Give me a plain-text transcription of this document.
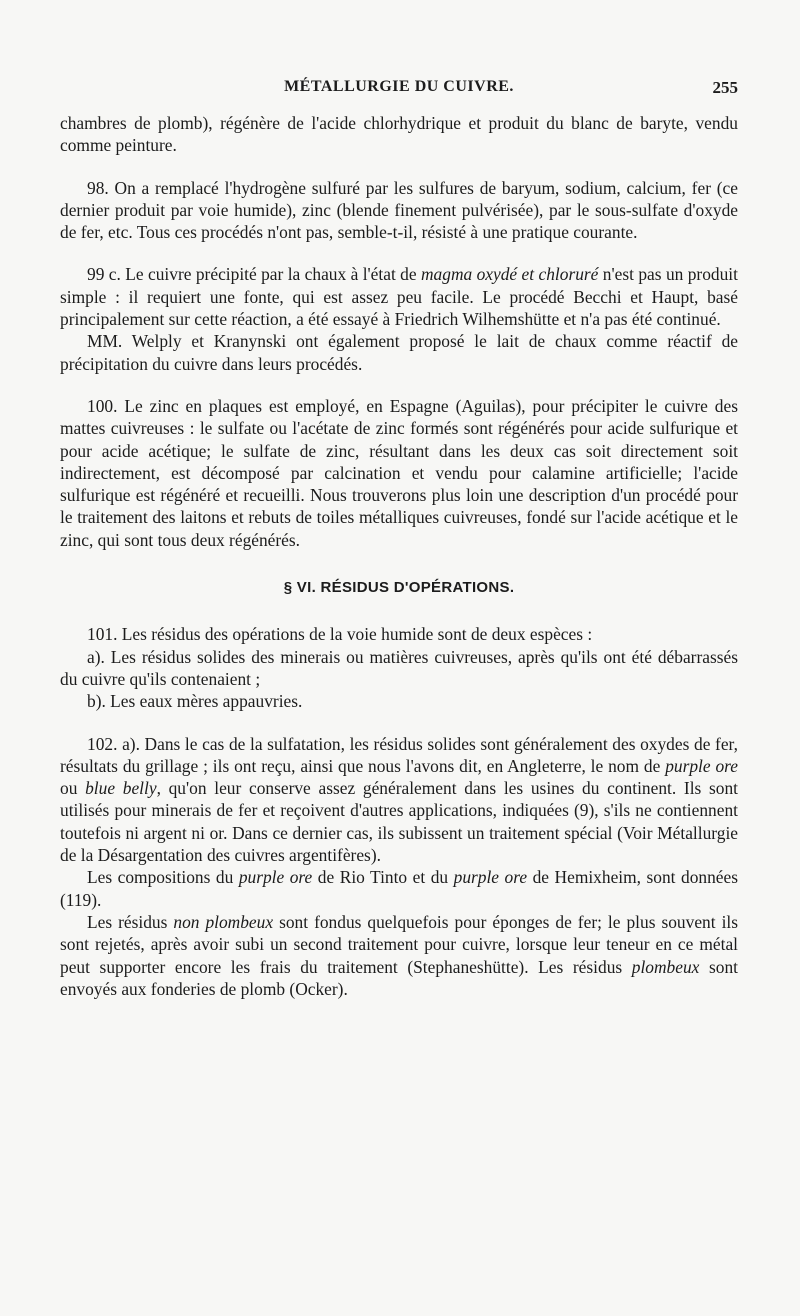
MÉTALLURGIE DU CUIVRE.	255

chambres de plomb), régénère de l'acide chlorhydrique et produit du blanc de baryte, vendu comme peinture.

98. On a remplacé l'hydrogène sulfuré par les sulfures de baryum, sodium, calcium, fer (ce dernier produit par voie humide), zinc (blende finement pulvérisée), par le sous-sulfate d'oxyde de fer, etc. Tous ces procédés n'ont pas, semble-t-il, résisté à une pratique courante.

99 c. Le cuivre précipité par la chaux à l'état de magma oxydé et chloruré n'est pas un produit simple : il requiert une fonte, qui est assez peu facile. Le procédé Becchi et Haupt, basé principalement sur cette réaction, a été essayé à Friedrich Wilhemshütte et n'a pas été continué.

MM. Welply et Kranynski ont également proposé le lait de chaux comme réactif de précipitation du cuivre dans leurs procédés.

100. Le zinc en plaques est employé, en Espagne (Aguilas), pour précipiter le cuivre des mattes cuivreuses : le sulfate ou l'acétate de zinc formés sont régénérés pour acide sulfurique et pour acide acétique; le sulfate de zinc, résultant dans les deux cas soit directement soit indirectement, est décomposé par calcination et vendu pour calamine artificielle; l'acide sulfurique est régénéré et recueilli. Nous trouverons plus loin une description d'un procédé pour le traitement des laitons et rebuts de toiles métalliques cuivreuses, fondé sur l'acide acétique et le zinc, qui sont tous deux régénérés.

§ VI. RÉSIDUS D'OPÉRATIONS.

101. Les résidus des opérations de la voie humide sont de deux espèces :

a). Les résidus solides des minerais ou matières cuivreuses, après qu'ils ont été débarrassés du cuivre qu'ils contenaient ;

b). Les eaux mères appauvries.

102. a). Dans le cas de la sulfatation, les résidus solides sont généralement des oxydes de fer, résultats du grillage ; ils ont reçu, ainsi que nous l'avons dit, en Angleterre, le nom de purple ore ou blue belly, qu'on leur conserve assez généralement dans les usines du continent. Ils sont utilisés pour minerais de fer et reçoivent d'autres applications, indiquées (9), s'ils ne contiennent toutefois ni argent ni or. Dans ce dernier cas, ils subissent un traitement spécial (Voir Métallurgie de la Désargentation des cuivres argentifères).

Les compositions du purple ore de Rio Tinto et du purple ore de Hemixheim, sont données (119).

Les résidus non plombeux sont fondus quelquefois pour éponges de fer; le plus souvent ils sont rejetés, après avoir subi un second traitement pour cuivre, lorsque leur teneur en ce métal peut supporter encore les frais du traitement (Stephaneshütte). Les résidus plombeux sont envoyés aux fonderies de plomb (Ocker).
